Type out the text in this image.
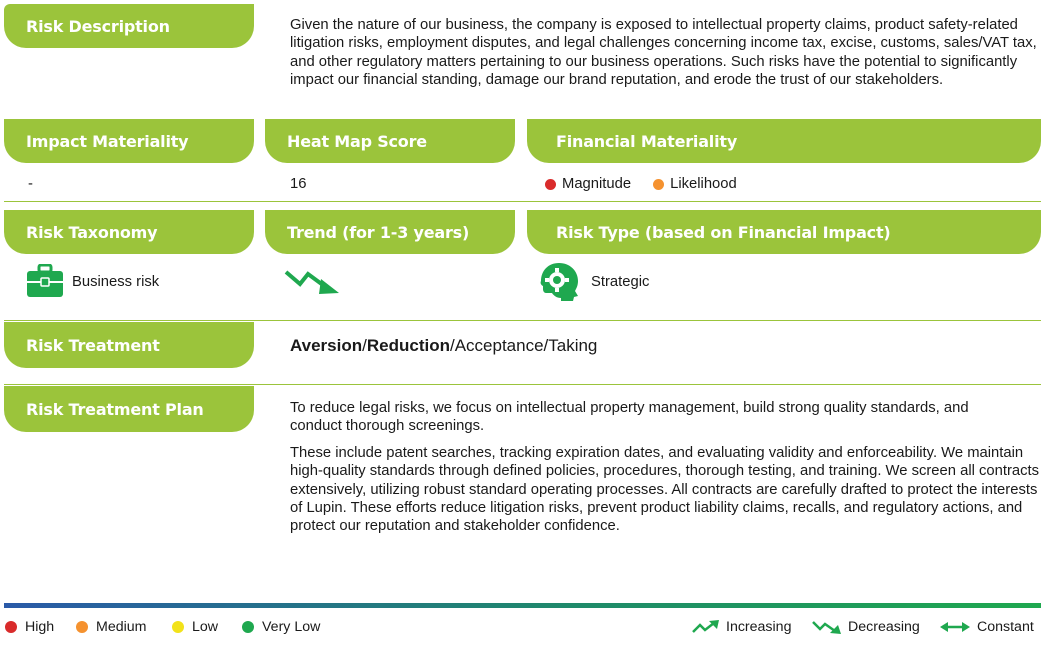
Risk Description	Given the nature of our business, the company is exposed to intellectual property claims, product safety-related litigation risks, employment disputes, and legal challenges concerning income tax, excise, customs, sales/VAT tax, and other regulatory matters pertaining to our business operations. Such risks have the potential to significantly impact our financial standing, damage our brand reputation, and erode the trust of our stakeholders.
Impact Materiality	Heat Map Score	Financial Materiality
-	16	Magnitude	Likelihood
Risk Taxonomy	Trend (for 1-3 years)	Risk Type (based on Financial Impact)
Business risk	Strategic
Risk Treatment	Aversion/Reduction/Acceptance/Taking
Risk Treatment Plan	To reduce legal risks, we focus on intellectual property management, build strong quality standards, and conduct thorough screenings.
These include patent searches, tracking expiration dates, and evaluating validity and enforceability. We maintain high-quality standards through defined policies, procedures, thorough testing, and training. We screen all contracts extensively, utilizing robust standard operating processes. All contracts are carefully drafted to protect the interests of Lupin. These efforts reduce litigation risks, prevent product liability claims, recalls, and regulatory actions, and protect our reputation and stakeholder confidence.
High	Medium	Low	Very Low	Increasing	Decreasing	Constant
